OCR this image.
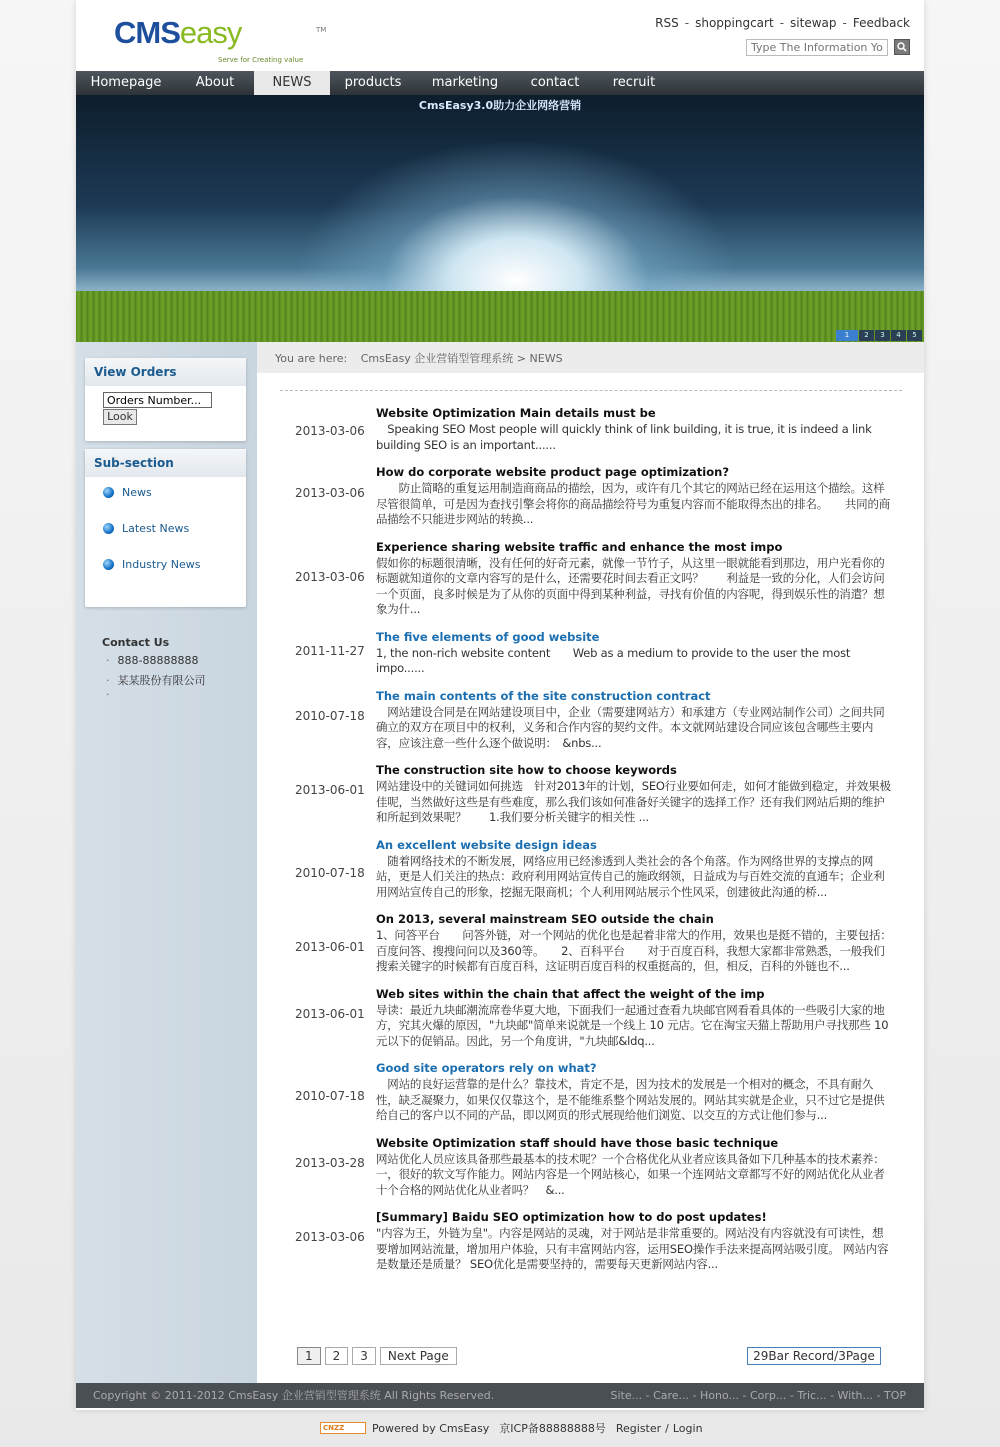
CMSeasy	TM
Serve for Creating value
RSS - shoppingcart - sitewap - Feedback
Type The Information Yo
Homepage	About	NEWS	products	marketing	contact	recruit
CmsEasy3.0助力企业网络营销
1	2	3	4	5
View Orders
Orders Number...
Look
Sub-section
News
Latest News
Industry News
Contact Us
· 888-88888888
· 某某股份有限公司
·
You are here: CmsEasy 企业营销型管理系统 > NEWS
2013-03-06
Website Optimization Main details must be
　Speaking SEO Most people will quickly think of link building, it is true, it is indeed a link building SEO is an important......
2013-03-06
How do corporate website product page optimization?
　　防止简略的重复运用制造商商品的描绘，因为，或许有几个其它的网站已经在运用这个描绘。这样尽管很简单，可是因为查找引擎会将你的商品描绘符号为重复内容而不能取得杰出的排名。　　共同的商品描绘不只能进步网站的转换...
2013-03-06
Experience sharing website traffic and enhance the most impo
假如你的标题很清晰，没有任何的好奇元素，就像一节竹子，从这里一眼就能看到那边，用户光看你的标题就知道你的文章内容写的是什么，还需要花时间去看正文吗？　　利益是一致的分化，人们会访问一个页面，良多时候是为了从你的页面中得到某种利益，寻找有价值的内容呢，得到娱乐性的消遣？想象为什...
2011-11-27
The five elements of good website
1, the non-rich website content　　Web as a medium to provide to the user the most impo......
2010-07-18
The main contents of the site construction contract
　网站建设合同是在网站建设项目中，企业（需要建网站方）和承建方（专业网站制作公司）之间共同确立的双方在项目中的权利，义务和合作内容的契约文件。本文就网站建设合同应该包含哪些主要内容，应该注意一些什么逐个做说明：　&nbs...
2013-06-01
The construction site how to choose keywords
网站建设中的关键词如何挑选　针对2013年的计划，SEO行业要如何走，如何才能做到稳定，并效果极佳呢，当然做好这些是有些难度，那么我们该如何准备好关键字的选择工作？还有我们网站后期的维护和所起到效果呢？　　1.我们要分析关键字的相关性 ...
2010-07-18
An excellent website design ideas
　随着网络技术的不断发展，网络应用已经渗透到人类社会的各个角落。作为网络世界的支撑点的网站，更是人们关注的热点：政府利用网站宣传自己的施政纲领，日益成为与百姓交流的直通车；企业利用网站宣传自己的形象，挖掘无限商机；个人利用网站展示个性风采，创建彼此沟通的桥...
2013-06-01
On 2013, several mainstream SEO outside the chain
1、问答平台　　问答外链，对一个网站的优化也是起着非常大的作用，效果也是挺不错的，主要包括：百度问答、搜搜问问以及360等。　　2、百科平台　　对于百度百科，我想大家都非常熟悉，一般我们搜索关键字的时候都有百度百科，这证明百度百科的权重挺高的，但，相反，百科的外链也不...
2013-06-01
Web sites within the chain that affect the weight of the imp
导读：最近九块邮潮流席卷华夏大地，下面我们一起通过查看九块邮官网看看具体的一些吸引大家的地方，究其火爆的原因，"九块邮"简单来说就是一个线上 10 元店。它在淘宝天猫上帮助用户寻找那些 10 元以下的促销品。因此，另一个角度讲，"九块邮&ldq...
2010-07-18
Good site operators rely on what?
　网站的良好运营靠的是什么？靠技术，肯定不是，因为技术的发展是一个相对的概念，不具有耐久性，缺乏凝聚力，如果仅仅靠这个，是不能维系整个网站发展的。网站其实就是企业，只不过它是提供给自己的客户以不同的产品，即以网页的形式展现给他们浏览、以交互的方式让他们参与...
2013-03-28
Website Optimization staff should have those basic technique
网站优化人员应该具备那些最基本的技术呢？一个合格优化从业者应该具备如下几种基本的技术素养：　一，很好的软文写作能力。网站内容是一个网站核心，如果一个连网站文章都写不好的网站优化从业者十个合格的网站优化从业者吗？　&...
2013-03-06
[Summary] Baidu SEO optimization how to do post updates!
"内容为王，外链为皇"。内容是网站的灵魂，对于网站是非常重要的。网站没有内容就没有可读性，想要增加网站流量，增加用户体验，只有丰富网站内容，运用SEO操作手法来提高网站吸引度。 网站内容是数量还是质量？ SEO优化是需要坚持的，需要每天更新网站内容...
1	2	3	Next Page	29Bar Record/3Page
Copyright © 2011-2012 CmsEasy 企业营销型管理系统 All Rights Reserved.	Site... - Care... - Hono... - Corp... - Tric... - With... - TOP
CNZZ	Powered by CmsEasy 京ICP备88888888号 Register / Login
